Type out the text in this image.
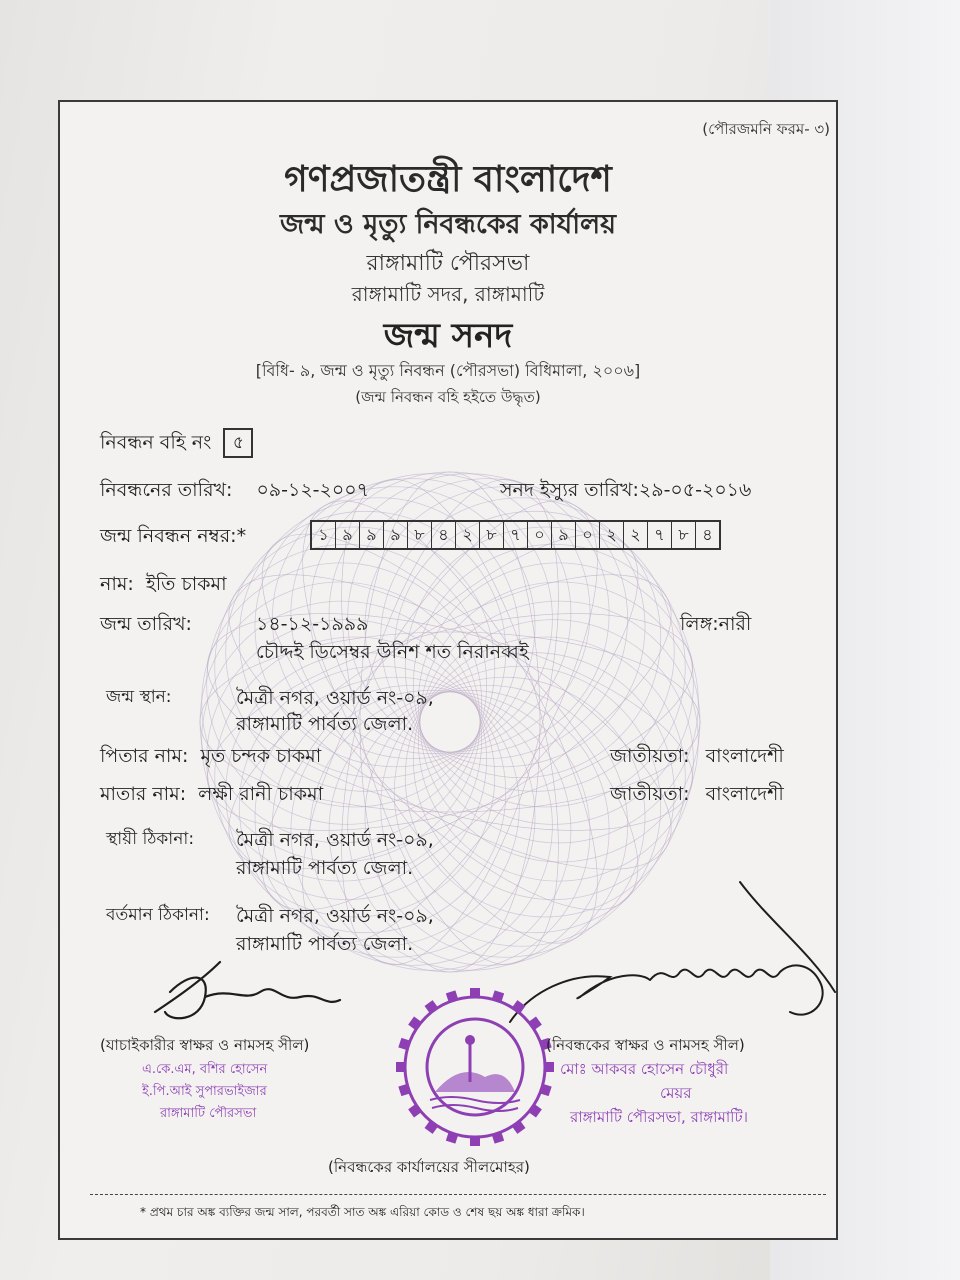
(পৌরজমনি ফরম- ৩)
গণপ্রজাতন্ত্রী বাংলাদেশ
জন্ম ও মৃত্যু নিবন্ধকের কার্যালয়
রাঙ্গামাটি পৌরসভা
রাঙ্গামাটি সদর, রাঙ্গামাটি
জন্ম সনদ
[বিধি- ৯, জন্ম ও মৃত্যু নিবন্ধন (পৌরসভা) বিধিমালা, ২০০৬]
(জন্ম নিবন্ধন বহি হইতে উদ্ধৃত)
নিবন্ধন বহি নং ৫
নিবন্ধনের তারিখ: ০৯-১২-২০০৭	সনদ ইস্যুর তারিখ:২৯-০৫-২০১৬
জন্ম নিবন্ধন নম্বর:*	১ ৯ ৯ ৯ ৮ ৪ ২ ৮ ৭ ০ ৯ ০ ২ ২ ৭ ৮ ৪
নাম: ইতি চাকমা
জন্ম তারিখ:	১৪-১২-১৯৯৯
চৌদ্দই ডিসেম্বর উনিশ শত নিরানব্বই
লিঙ্গ:নারী
জন্ম স্থান:	মৈত্রী নগর, ওয়ার্ড নং-০৯,
রাঙ্গামাটি পার্বত্য জেলা.
পিতার নাম: মৃত চন্দক চাকমা	জাতীয়তা: বাংলাদেশী
মাতার নাম: লক্ষী রানী চাকমা	জাতীয়তা: বাংলাদেশী
স্থায়ী ঠিকানা: মৈত্রী নগর, ওয়ার্ড নং-০৯,
রাঙ্গামাটি পার্বত্য জেলা.
বর্তমান ঠিকানা: মৈত্রী নগর, ওয়ার্ড নং-০৯,
রাঙ্গামাটি পার্বত্য জেলা.
(যাচাইকারীর স্বাক্ষর ও নামসহ সীল)
এ.কে.এম, বশির হোসেন
ই.পি.আই সুপারভাইজার
রাঙ্গামাটি পৌরসভা
(নিবন্ধকের স্বাক্ষর ও নামসহ সীল)
মোঃ আকবর হোসেন চৌধুরী
মেয়র
রাঙ্গামাটি পৌরসভা, রাঙ্গামাটি।
(নিবন্ধকের কার্যালয়ের সীলমোহর)
* প্রথম চার অঙ্ক ব্যক্তির জন্ম সাল, পরবর্তী সাত অঙ্ক এরিয়া কোড ও শেষ ছয় অঙ্ক ধারা ক্রমিক।
